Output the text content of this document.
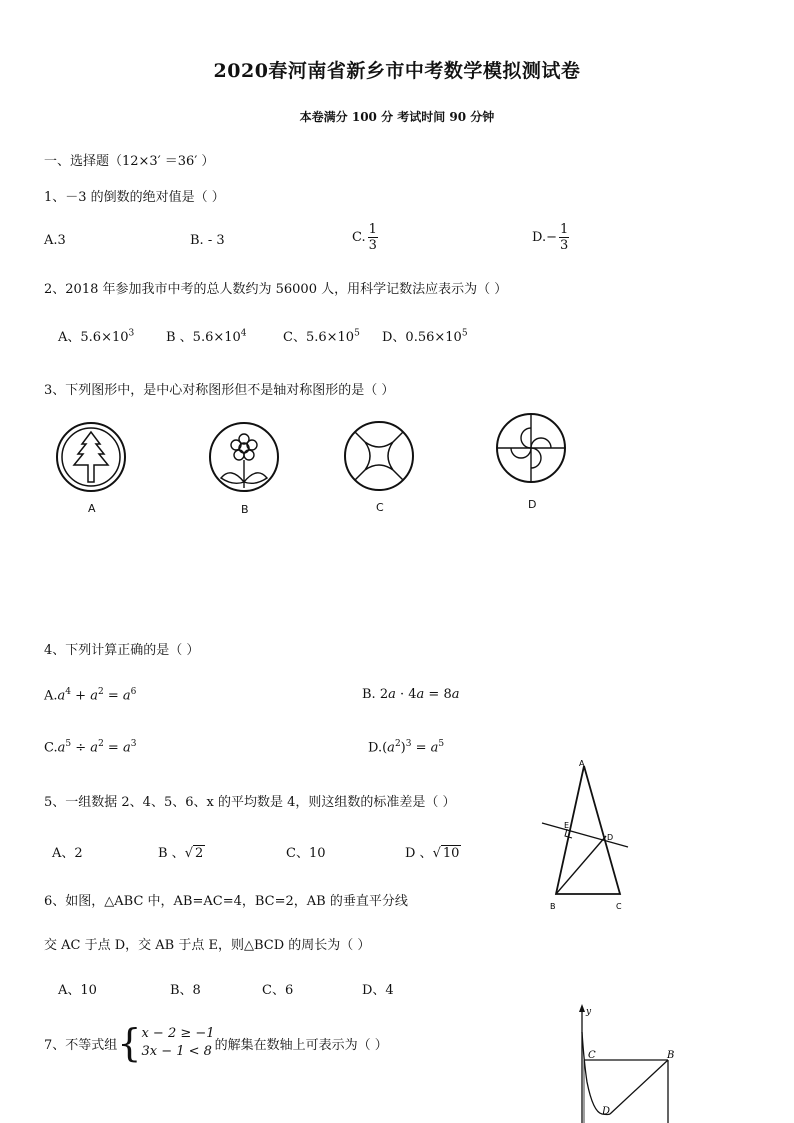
2020春河南省新乡市中考数学模拟测试卷
本卷满分 100 分 考试时间 90 分钟
一、选择题（12×3′ ＝36′ ）
1、－3 的倒数的绝对值是（ ）
A.3	B. - 3	C. $\frac{1}{3}$	$D.- \frac{1}{3}$
2、2018 年参加我市中考的总人数约为 56000 人，用科学记数法应表示为（ ）
A、$5.6\times 10^3$ B 、$5.6\times 10^4$	C、$5.6\times 10^5$ D、$0.56\times 10^5$
3、下列图形中，是中心对称图形但不是轴对称图形的是（ ）
A	B	C	D
4、下列计算正确的是（ ）
$A.a^4 + a^2 = a^6$	B. 2a · 4a = 8a
$C.a^5 \div a^2 = a^3$	$D.(a^2)^3 = a^5$
5、一组数据 2、4、5、6、x 的平均数是 4，则这组数的标准差是（ ）
A、2	B 、√ 2	C、10	D 、√ 10
A
E
D
B	C
6、如图，△ABC 中，AB=AC=4，BC=2，AB 的垂直平分线
交 AC 于点 D，交 AB 于点 E，则△BCD 的周长为（ ）
A、10	B、8	C、6	D、4
7、不等式组 { x − 2 ≥ −1
3x − 1 < 8 的解集在数轴上可表示为（ ）
y
C	B
D
